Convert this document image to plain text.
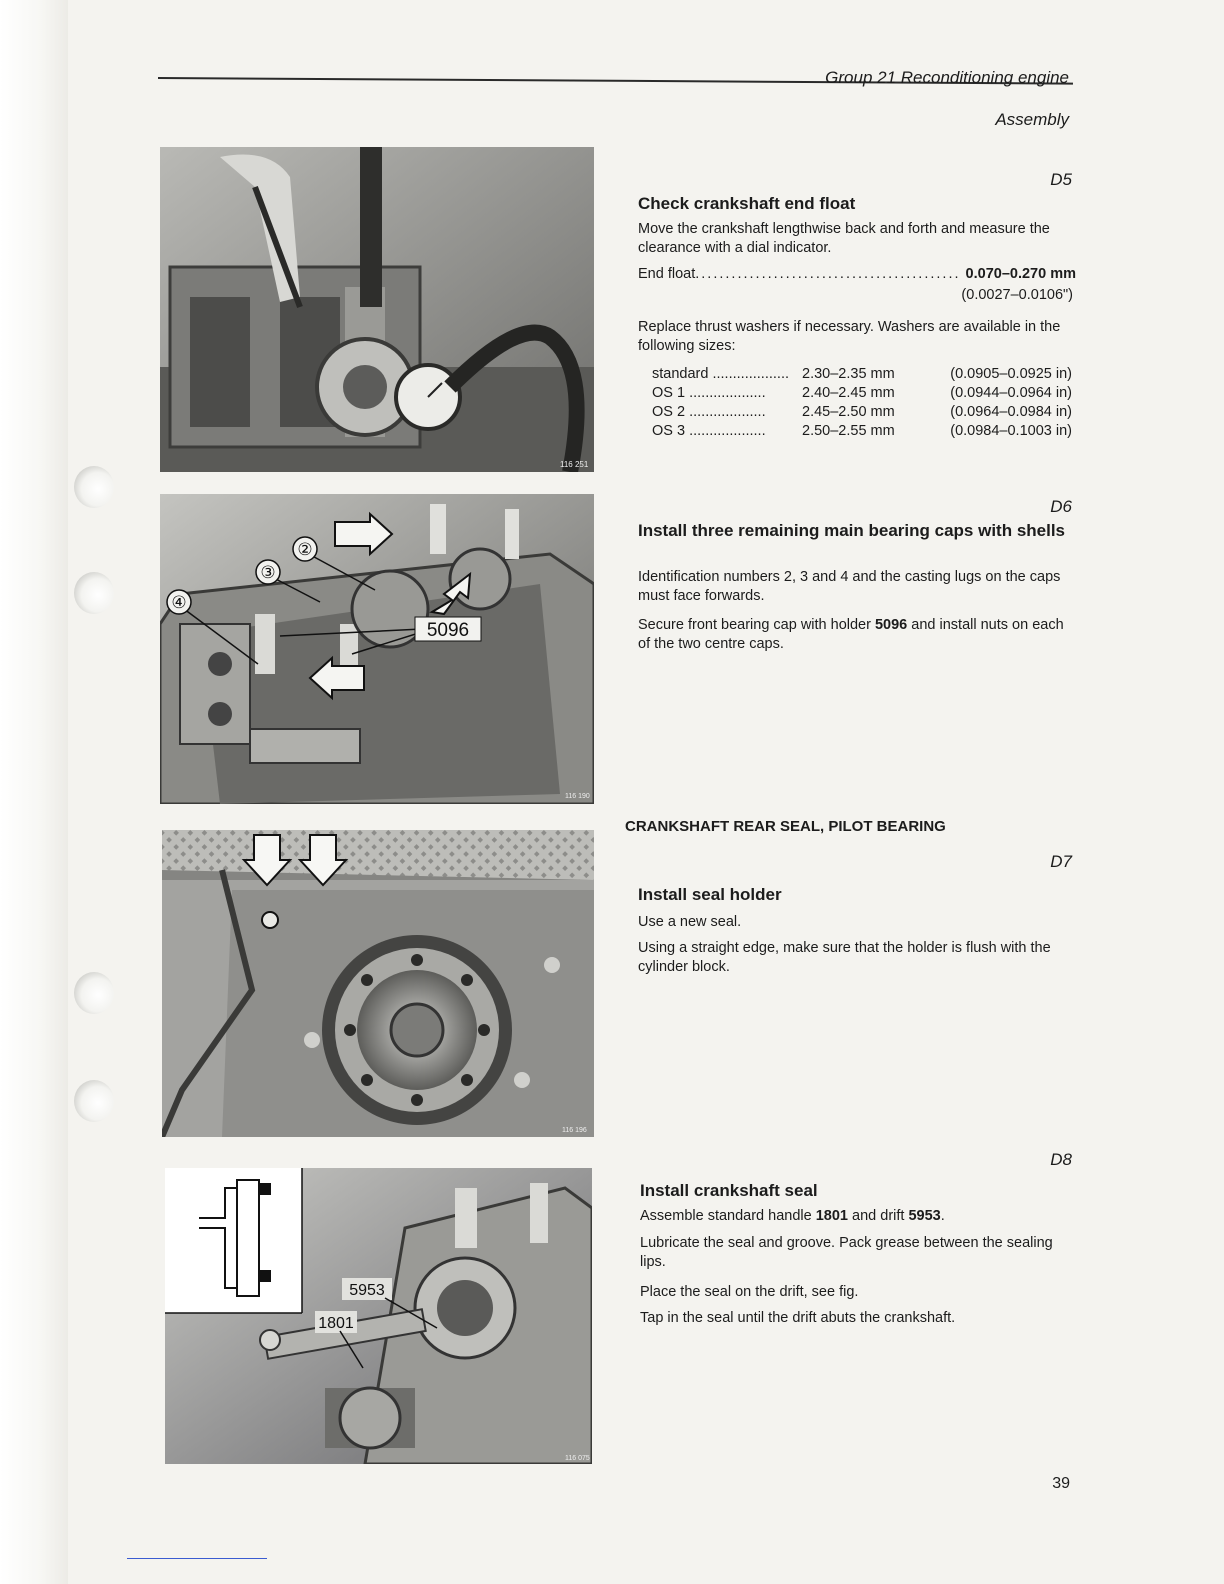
Group 21 Reconditioning engine
Assembly
116 251
②
③
④
5096
116 190
116 196
5953
1801
116 075
D5
Check crankshaft end float
Move the crankshaft lengthwise back and forth and measure the clearance with a dial indicator.
End float ............................................ 0.070–0.270 mm
(0.0027–0.0106")
Replace thrust washers if necessary. Washers are available in the following sizes:
standard ................... 2.30–2.35 mm	(0.0905–0.0925 in)
OS 1 ...................	2.40–2.45 mm	(0.0944–0.0964 in)
OS 2 ...................	2.45–2.50 mm	(0.0964–0.0984 in)
OS 3 ...................	2.50–2.55 mm	(0.0984–0.1003 in)
D6
Install three remaining main bearing caps with shells
Identification numbers 2, 3 and 4 and the casting lugs on the caps must face forwards.
Secure front bearing cap with holder 5096 and install nuts on each of the two centre caps.
CRANKSHAFT REAR SEAL, PILOT BEARING
D7
Install seal holder
Use a new seal.
Using a straight edge, make sure that the holder is flush with the cylinder block.
D8
Install crankshaft seal
Assemble standard handle 1801 and drift 5953.
Lubricate the seal and groove. Pack grease between the sealing lips.
Place the seal on the drift, see fig.
Tap in the seal until the drift abuts the crankshaft.
39
